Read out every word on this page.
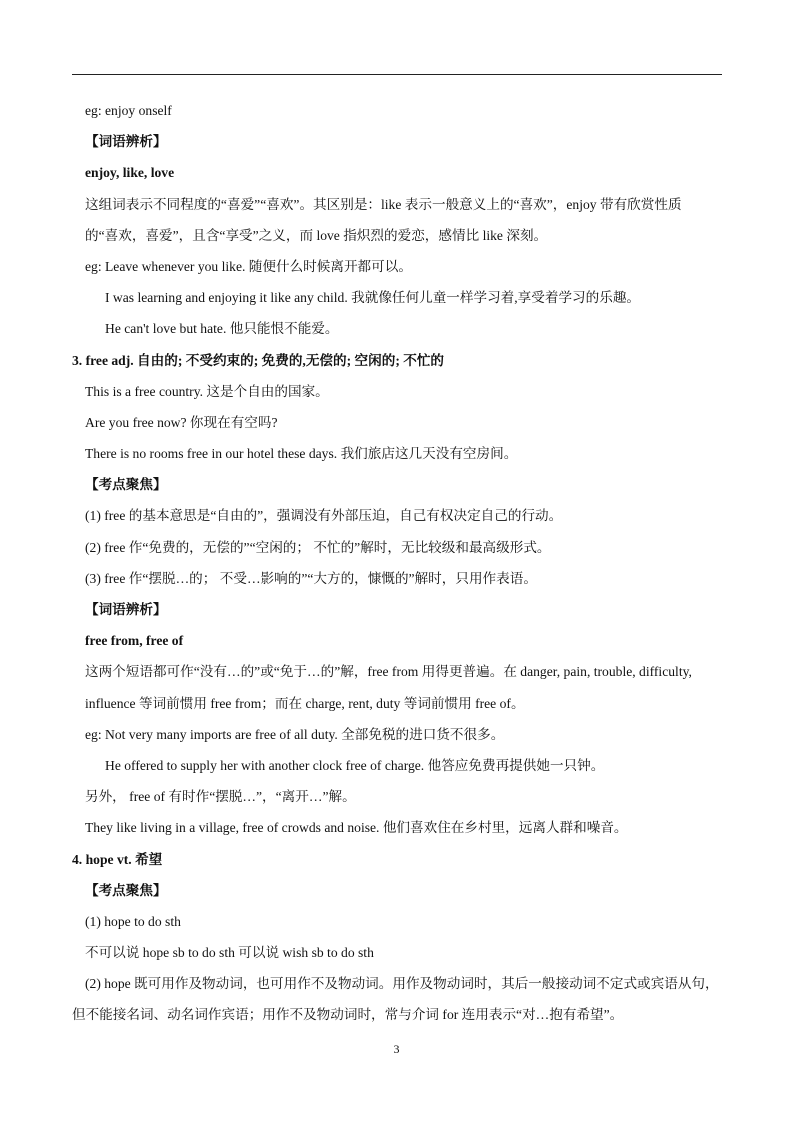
eg: enjoy onself
【词语辨析】
enjoy, like, love
这组词表示不同程度的“喜爱”“喜欢”。其区别是：like 表示一般意义上的“喜欢”，enjoy 带有欣赏性质
的“喜欢，喜爱”，且含“享受”之义，而 love 指炽烈的爱恋，感情比 like 深刻。
eg: Leave whenever you like. 随便什么时候离开都可以。
I was learning and enjoying it like any child. 我就像任何儿童一样学习着,享受着学习的乐趣。
He can't love but hate. 他只能恨不能爱。
3. free adj. 自由的; 不受约束的; 免费的,无偿的; 空闲的; 不忙的
This is a free country. 这是个自由的国家。
Are you free now? 你现在有空吗?
There is no rooms free in our hotel these days. 我们旅店这几天没有空房间。
【考点聚焦】
(1) free 的基本意思是“自由的”，强调没有外部压迫，自己有权决定自己的行动。
(2) free 作“免费的，无偿的”“空闲的； 不忙的”解时，无比较级和最高级形式。
(3) free 作“摆脱…的； 不受…影响的”“大方的，慷慨的”解时，只用作表语。
【词语辨析】
free from, free of
这两个短语都可作“没有…的”或“免于…的”解，free from 用得更普遍。在 danger, pain, trouble, difficulty,
influence 等词前惯用 free from；而在 charge, rent, duty 等词前惯用 free of。
eg: Not very many imports are free of all duty. 全部免税的进口货不很多。
He offered to supply her with another clock free of charge. 他答应免费再提供她一只钟。
另外， free of 有时作“摆脱…”，“离开…”解。
They like living in a village, free of crowds and noise. 他们喜欢住在乡村里，远离人群和噪音。
4. hope vt. 希望
【考点聚焦】
(1) hope to do sth
不可以说 hope sb to do sth 可以说 wish sb to do sth
(2) hope 既可用作及物动词，也可用作不及物动词。用作及物动词时，其后一般接动词不定式或宾语从句，
但不能接名词、动名词作宾语；用作不及物动词时，常与介词 for 连用表示“对…抱有希望”。
3
